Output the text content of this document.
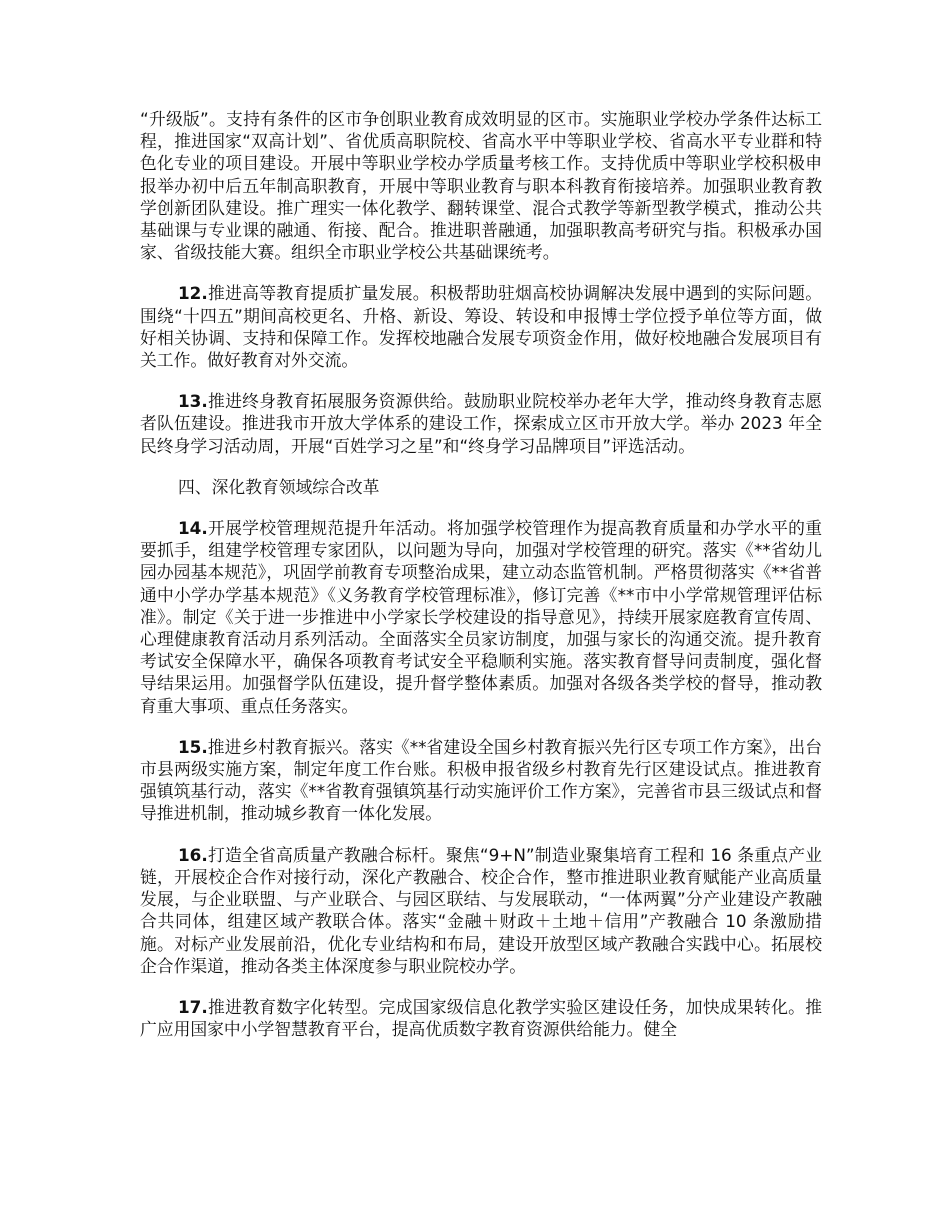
“升级版”。支持有条件的区市争创职业教育成效明显的区市。实施职业学校办学条件达标工程，推进国家“双高计划”、省优质高职院校、省高水平中等职业学校、省高水平专业群和特色化专业的项目建设。开展中等职业学校办学质量考核工作。支持优质中等职业学校积极申报举办初中后五年制高职教育，开展中等职业教育与职本科教育衔接培养。加强职业教育教学创新团队建设。推广理实一体化教学、翻转课堂、混合式教学等新型教学模式，推动公共基础课与专业课的融通、衔接、配合。推进职普融通，加强职教高考研究与指。积极承办国家、省级技能大赛。组织全市职业学校公共基础课统考。

12.推进高等教育提质扩量发展。积极帮助驻烟高校协调解决发展中遇到的实际问题。围绕“十四五”期间高校更名、升格、新设、筹设、转设和申报博士学位授予单位等方面，做好相关协调、支持和保障工作。发挥校地融合发展专项资金作用，做好校地融合发展项目有关工作。做好教育对外交流。

13.推进终身教育拓展服务资源供给。鼓励职业院校举办老年大学，推动终身教育志愿者队伍建设。推进我市开放大学体系的建设工作，探索成立区市开放大学。举办 2023 年全民终身学习活动周，开展“百姓学习之星”和“终身学习品牌项目”评选活动。

四、深化教育领域综合改革

14.开展学校管理规范提升年活动。将加强学校管理作为提高教育质量和办学水平的重要抓手，组建学校管理专家团队，以问题为导向，加强对学校管理的研究。落实《**省幼儿园办园基本规范》，巩固学前教育专项整治成果，建立动态监管机制。严格贯彻落实《**省普通中小学办学基本规范》《义务教育学校管理标准》，修订完善《**市中小学常规管理评估标准》。制定《关于进一步推进中小学家长学校建设的指导意见》，持续开展家庭教育宣传周、心理健康教育活动月系列活动。全面落实全员家访制度，加强与家长的沟通交流。提升教育考试安全保障水平，确保各项教育考试安全平稳顺利实施。落实教育督导问责制度，强化督导结果运用。加强督学队伍建设，提升督学整体素质。加强对各级各类学校的督导，推动教育重大事项、重点任务落实。

15.推进乡村教育振兴。落实《**省建设全国乡村教育振兴先行区专项工作方案》，出台市县两级实施方案，制定年度工作台账。积极申报省级乡村教育先行区建设试点。推进教育强镇筑基行动，落实《**省教育强镇筑基行动实施评价工作方案》，完善省市县三级试点和督导推进机制，推动城乡教育一体化发展。

16.打造全省高质量产教融合标杆。聚焦“9+N”制造业聚集培育工程和 16 条重点产业链，开展校企合作对接行动，深化产教融合、校企合作，整市推进职业教育赋能产业高质量发展，与企业联盟、与产业联合、与园区联结、与发展联动，“一体两翼”分产业建设产教融合共同体，组建区域产教联合体。落实“金融＋财政＋土地＋信用”产教融合 10 条激励措施。对标产业发展前沿，优化专业结构和布局，建设开放型区域产教融合实践中心。拓展校企合作渠道，推动各类主体深度参与职业院校办学。

17.推进教育数字化转型。完成国家级信息化教学实验区建设任务，加快成果转化。推广应用国家中小学智慧教育平台，提高优质数字教育资源供给能力。健全
